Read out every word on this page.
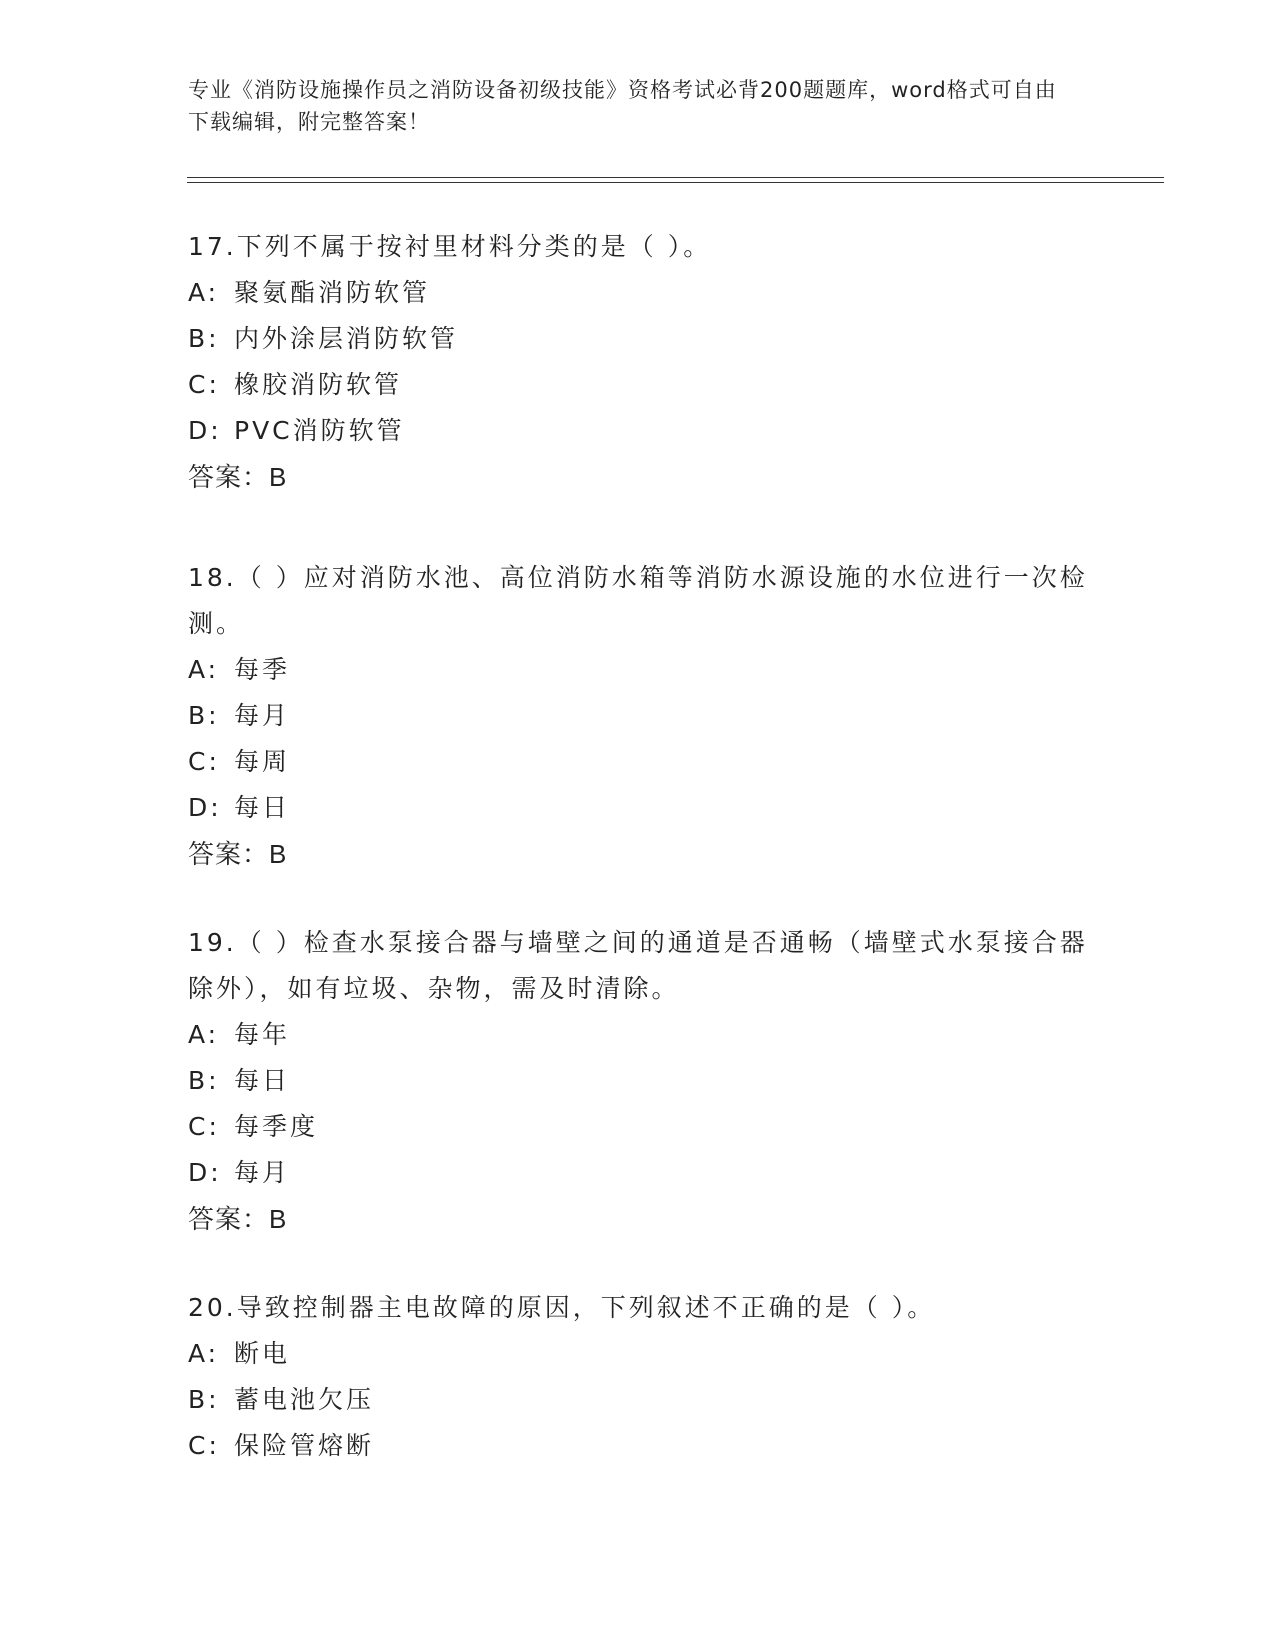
专业《消防设施操作员之消防设备初级技能》资格考试必背200题题库，word格式可自由下载编辑，附完整答案！

17.下列不属于按衬里材料分类的是（ ）。

A: 聚氨酯消防软管

B: 内外涂层消防软管

C: 橡胶消防软管

D: PVC消防软管

答案：B

18.（ ）应对消防水池、高位消防水箱等消防水源设施的水位进行一次检测。

A: 每季

B: 每月

C: 每周

D: 每日

答案：B

19.（ ）检查水泵接合器与墙壁之间的通道是否通畅（墙壁式水泵接合器除外），如有垃圾、杂物，需及时清除。

A: 每年

B: 每日

C: 每季度

D: 每月

答案：B

20.导致控制器主电故障的原因，下列叙述不正确的是（ ）。

A: 断电

B: 蓄电池欠压

C: 保险管熔断
